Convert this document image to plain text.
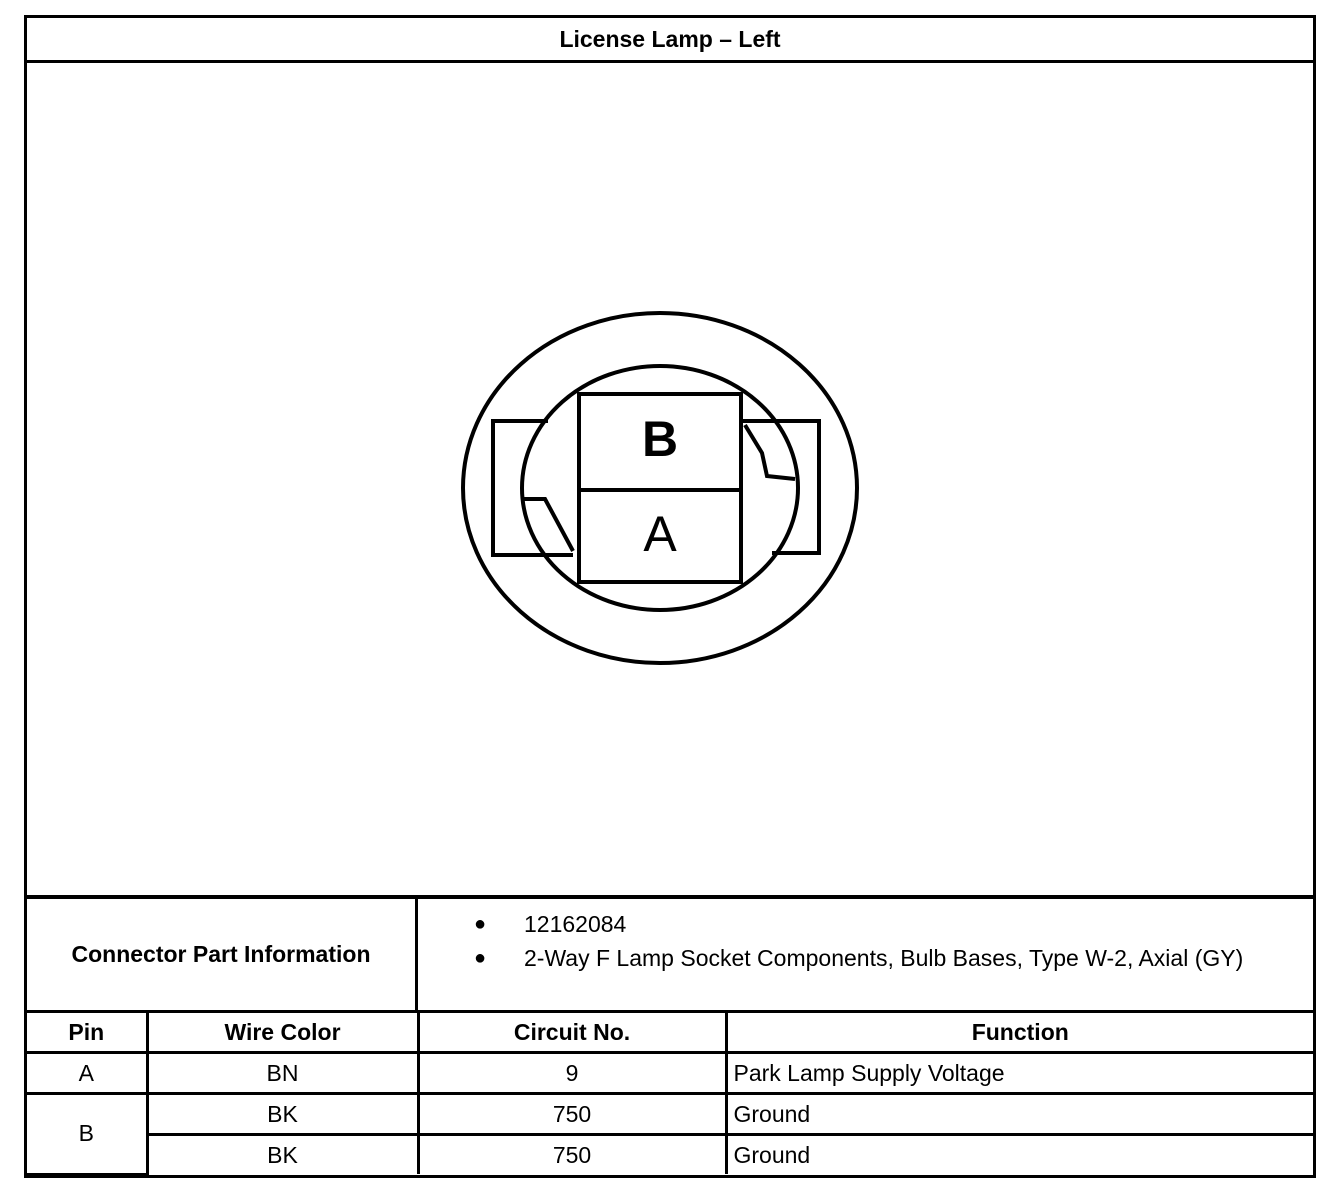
License Lamp – Left
B
A
Connector Part Information
● 12162084
● 2-Way F Lamp Socket Components, Bulb Bases, Type W-2, Axial (GY)
Pin	Wire Color	Circuit No.	Function
A	BN	9	Park Lamp Supply Voltage
B	BK	750	Ground
	BK	750	Ground
